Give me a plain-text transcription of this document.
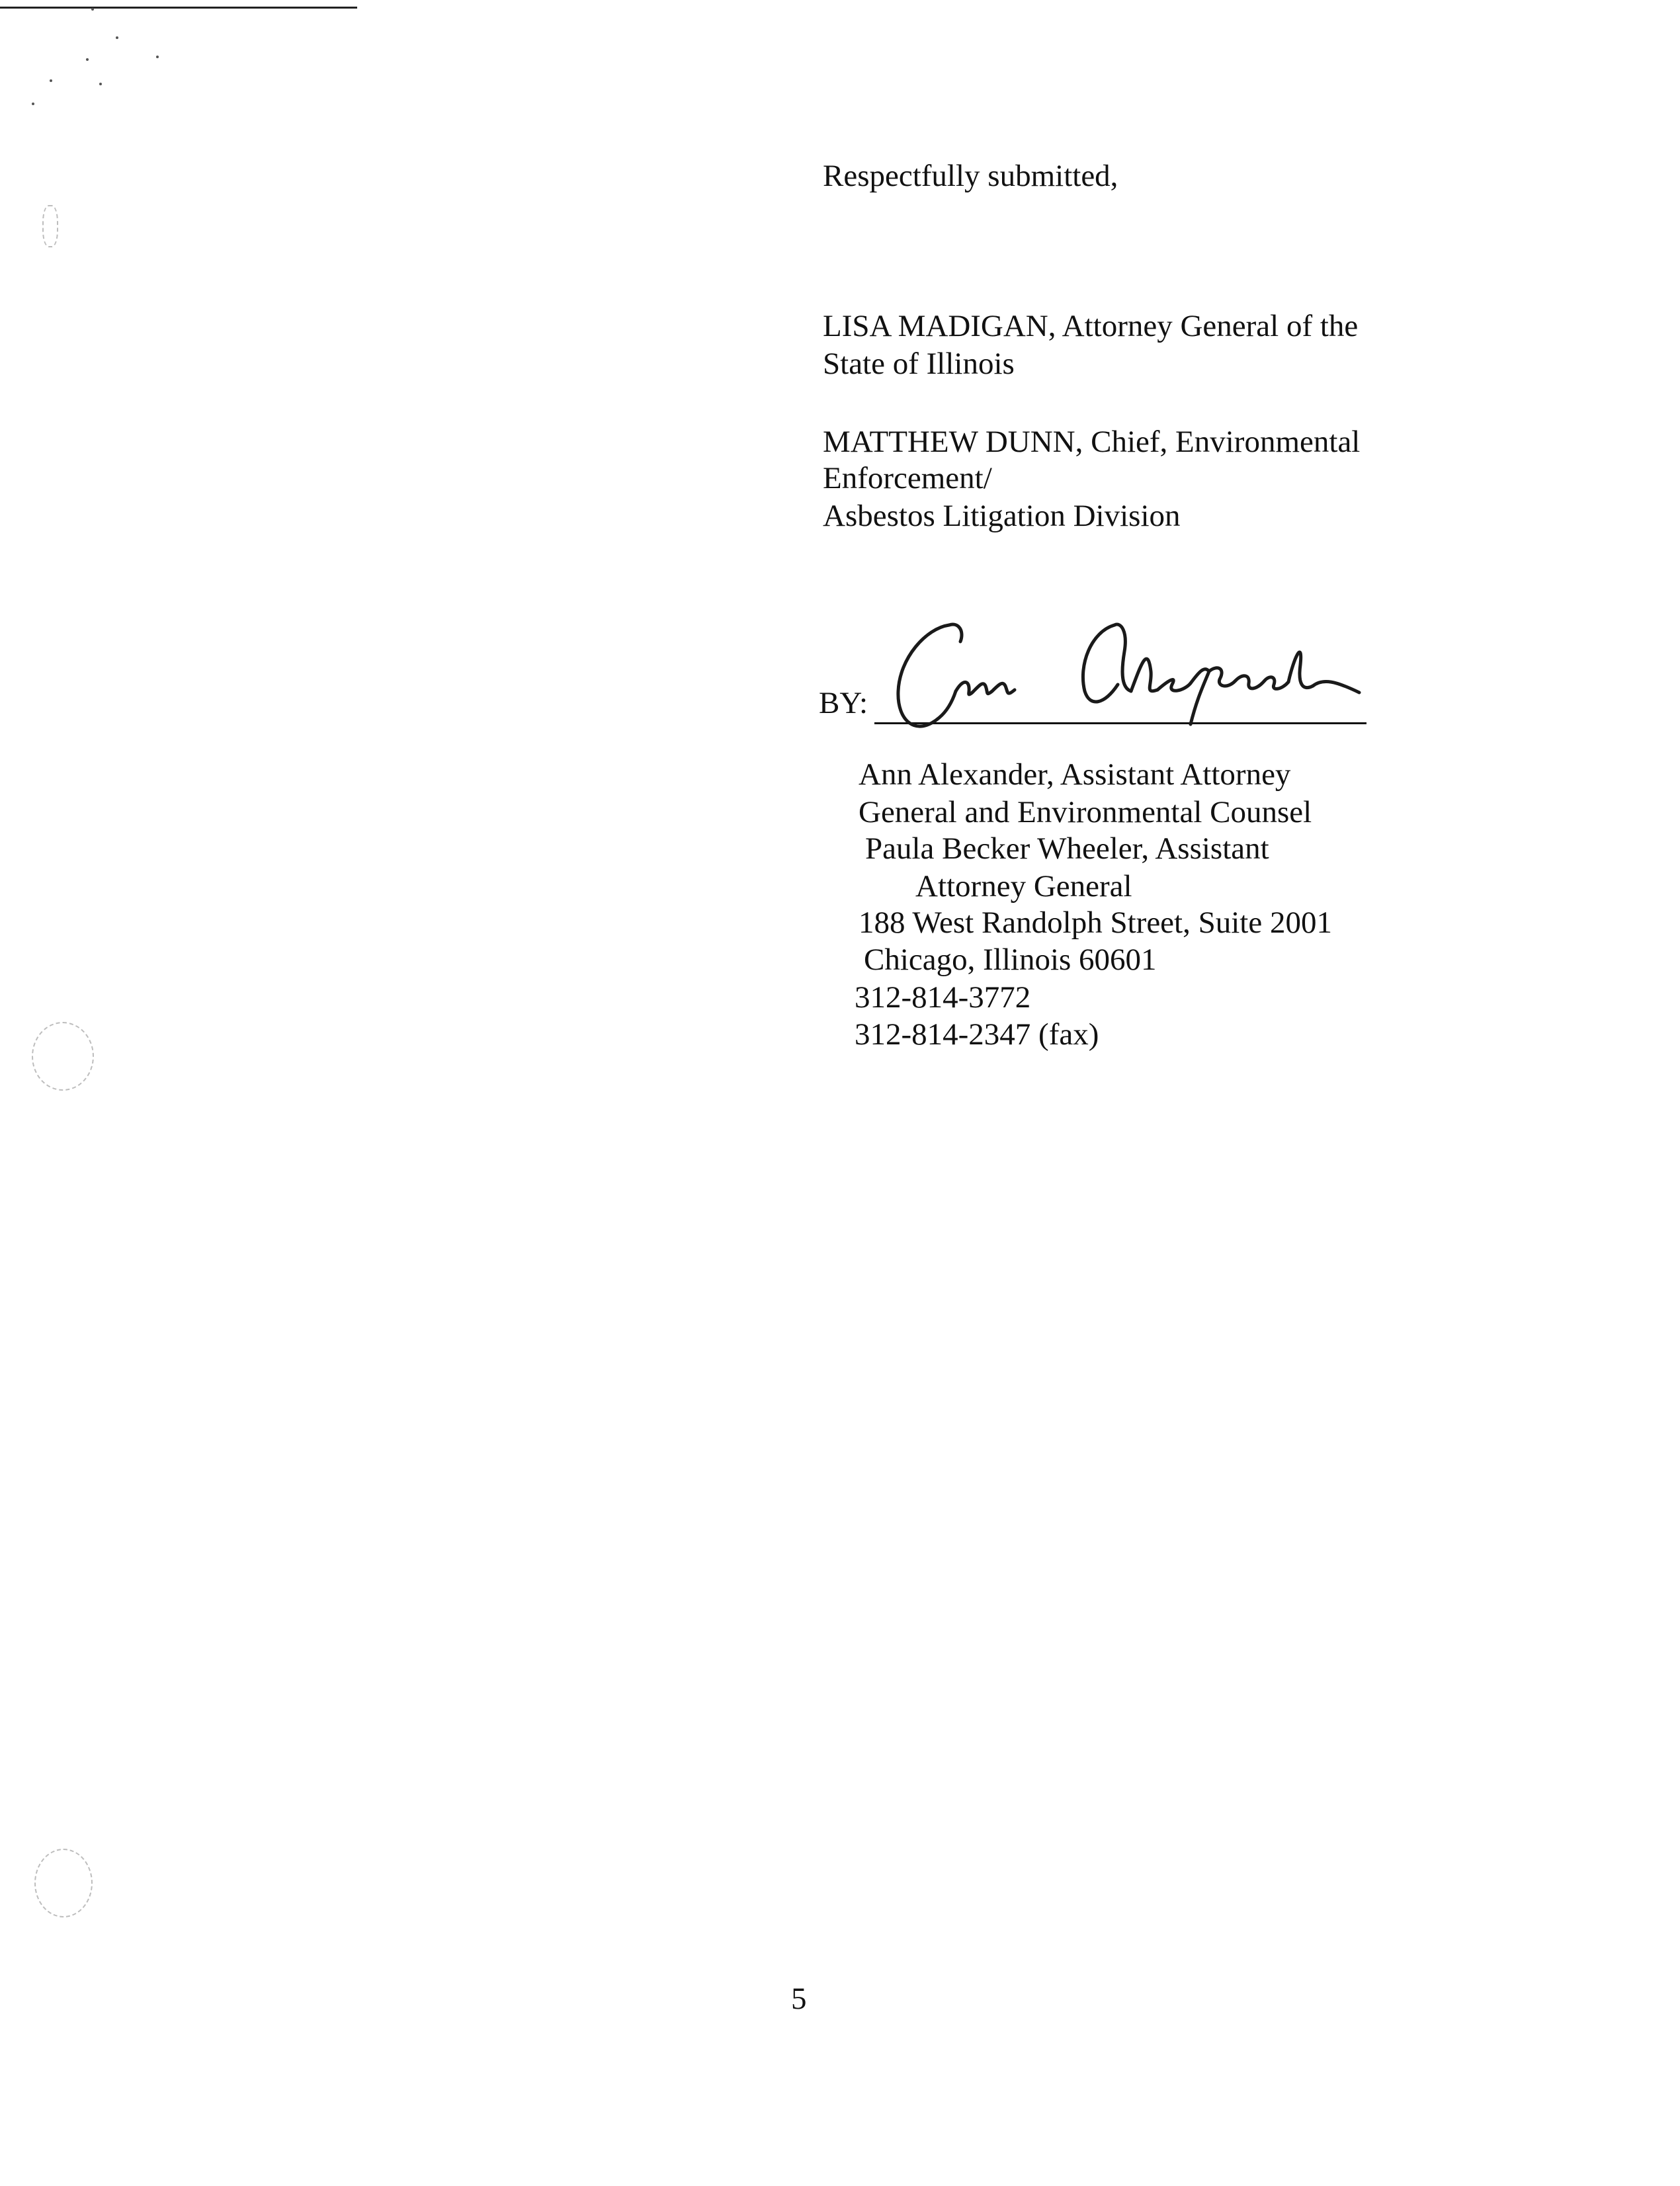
Respectfully submitted,
LISA MADIGAN, Attorney General of the
State of Illinois
MATTHEW DUNN, Chief, Environmental
Enforcement/
Asbestos Litigation Division
BY:
Ann Alexander, Assistant Attorney
General and Environmental Counsel
Paula Becker Wheeler, Assistant
Attorney General
188 West Randolph Street, Suite 2001
Chicago, Illinois 60601
312-814-3772
312-814-2347 (fax)
5
